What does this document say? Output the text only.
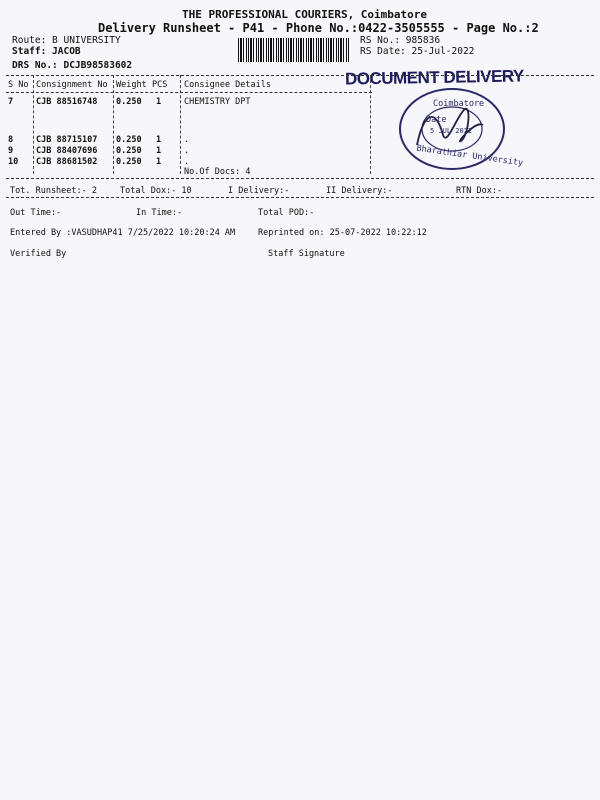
THE PROFESSIONAL COURIERS, Coimbatore
Delivery Runsheet - P41 - Phone No.:0422-3505555 - Page No.:2
Route: B UNIVERSITY
Staff: JACOB
DRS No.: DCJB98583602
RS No.: 985836
RS Date: 25-Jul-2022
DOCUMENT DELIVERY
Coimbatore
Date
5 JUL 2022
Bharathiar University
S No Consignment No Weight PCS Consignee Details
7	CJB 88516748 0.250 1	CHEMISTRY DPT
8	CJB 88715107 0.250 1	.
9	CJB 88407696 0.250 1	.
10 CJB 88681502 0.250 1	.
No.Of Docs: 4
Tot. Runsheet:- 2	Total Dox:- 10	I Delivery:-	II Delivery:-	RTN Dox:-
Out Time:-	In Time:-	Total POD:-
Entered By :VASUDHAP41 7/25/2022 10:20:24 AM	Reprinted on: 25-07-2022 10:22:12
Verified By	Staff Signature
